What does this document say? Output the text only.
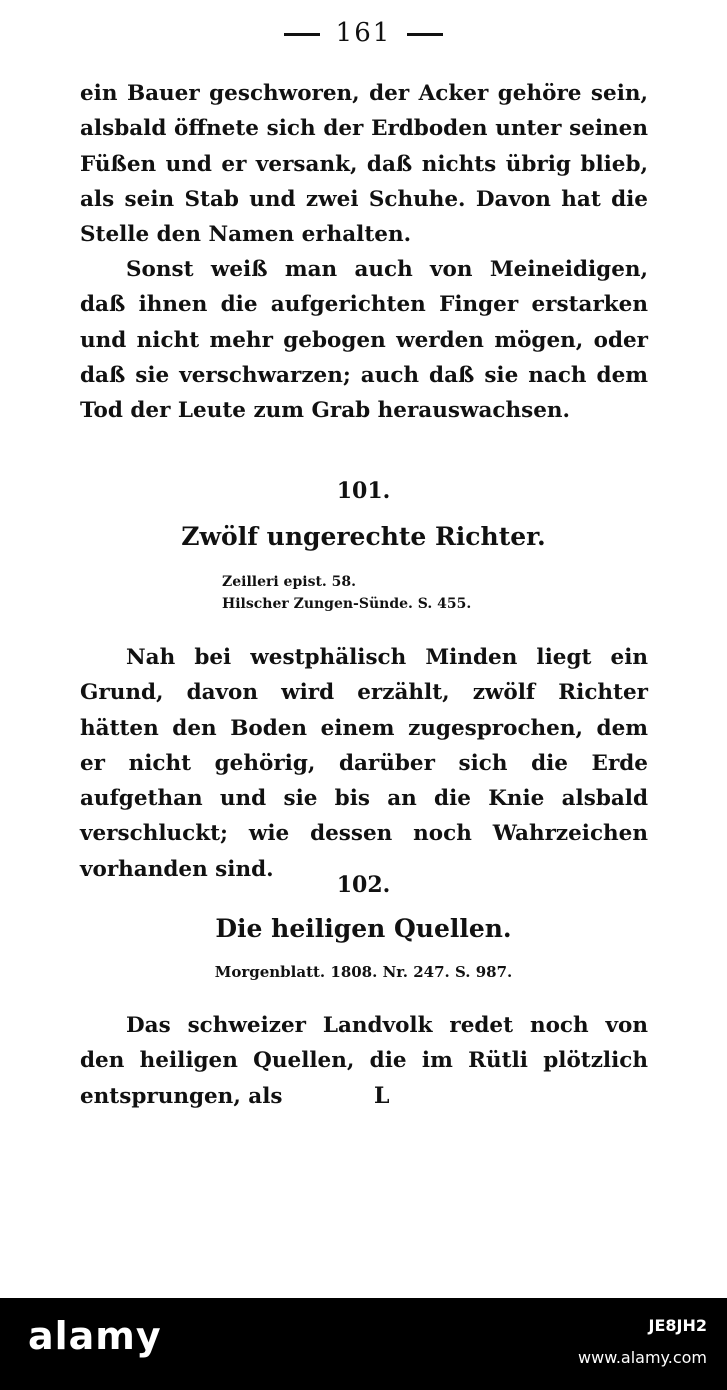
161
ein Bauer geschworen, der Acker gehöre sein, alsbald öffnete sich der Erdboden unter seinen Füßen und er versank, daß nichts übrig blieb, als sein Stab und zwei Schuhe. Davon hat die Stelle den Namen erhalten.
Sonst weiß man auch von Meineidigen, daß ihnen die aufgerichten Finger erstarken und nicht mehr gebogen werden mögen, oder daß sie verschwarzen; auch daß sie nach dem Tod der Leute zum Grab herauswachsen.
101.
Zwölf ungerechte Richter.
Zeilleri epist. 58.
Hilscher Zungen-Sünde. S. 455.
Nah bei westphälisch Minden liegt ein Grund, davon wird erzählt, zwölf Richter hätten den Boden einem zugesprochen, dem er nicht gehörig, darüber sich die Erde aufgethan und sie bis an die Knie alsbald verschluckt; wie dessen noch Wahrzeichen vorhanden sind.
102.
Die heiligen Quellen.
Morgenblatt. 1808. Nr. 247. S. 987.
Das schweizer Landvolk redet noch von den heiligen Quellen, die im Rütli plötzlich entsprungen, als	L
alamy	JE8JH2
www.alamy.com
